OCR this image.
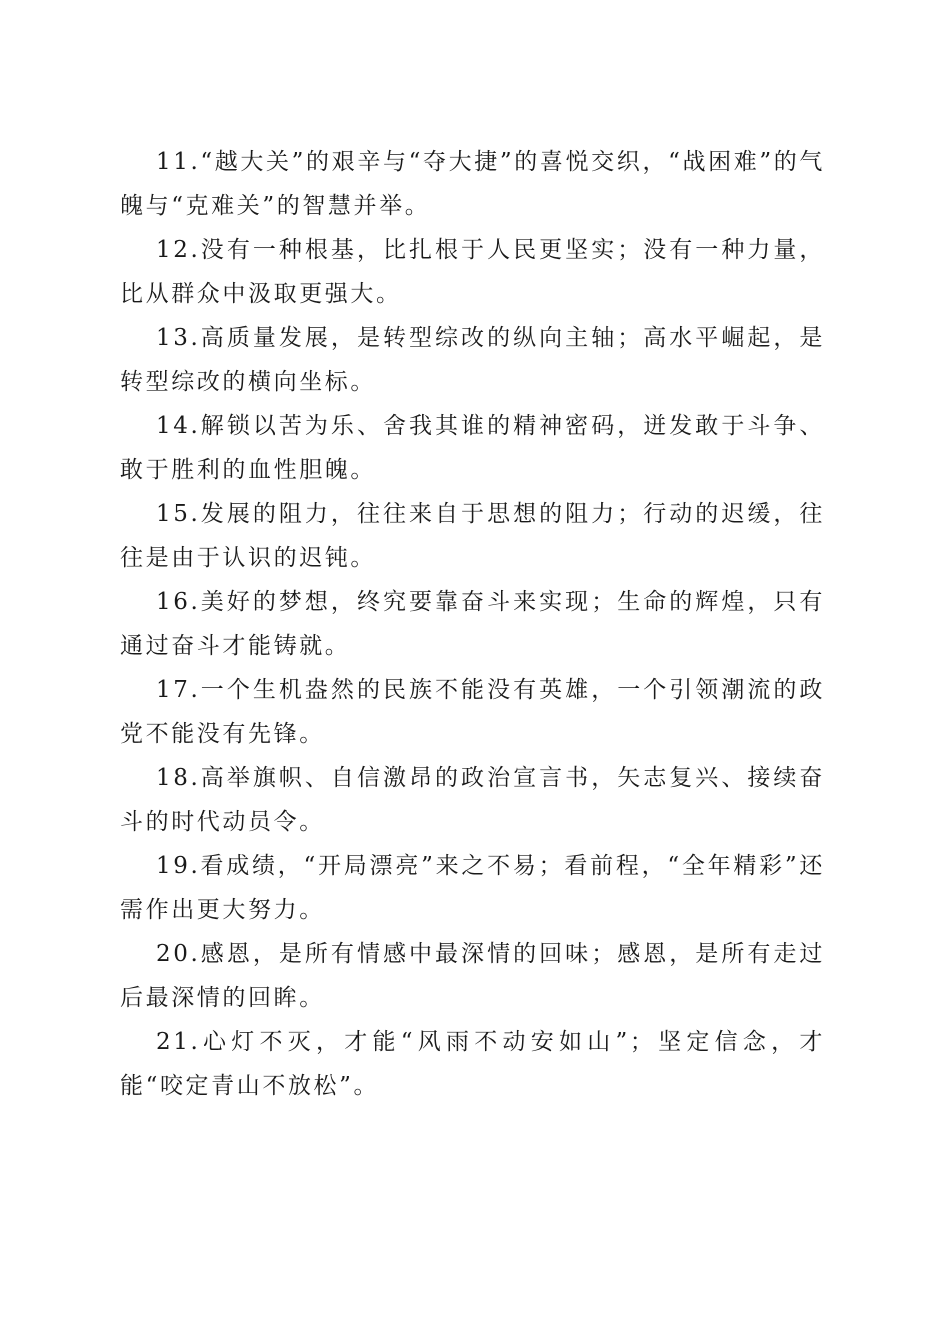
11.“越大关”的艰辛与“夺大捷”的喜悦交织，“战困难”的气魄与“克难关”的智慧并举。

12.没有一种根基，比扎根于人民更坚实；没有一种力量，比从群众中汲取更强大。

13.高质量发展，是转型综改的纵向主轴；高水平崛起，是转型综改的横向坐标。

14.解锁以苦为乐、舍我其谁的精神密码，迸发敢于斗争、敢于胜利的血性胆魄。

15.发展的阻力，往往来自于思想的阻力；行动的迟缓，往往是由于认识的迟钝。

16.美好的梦想，终究要靠奋斗来实现；生命的辉煌，只有通过奋斗才能铸就。

17.一个生机盎然的民族不能没有英雄，一个引领潮流的政党不能没有先锋。

18.高举旗帜、自信激昂的政治宣言书，矢志复兴、接续奋斗的时代动员令。

19.看成绩，“开局漂亮”来之不易；看前程，“全年精彩”还需作出更大努力。

20.感恩，是所有情感中最深情的回味；感恩，是所有走过后最深情的回眸。

21.心灯不灭，才能“风雨不动安如山”；坚定信念，才能“咬定青山不放松”。
